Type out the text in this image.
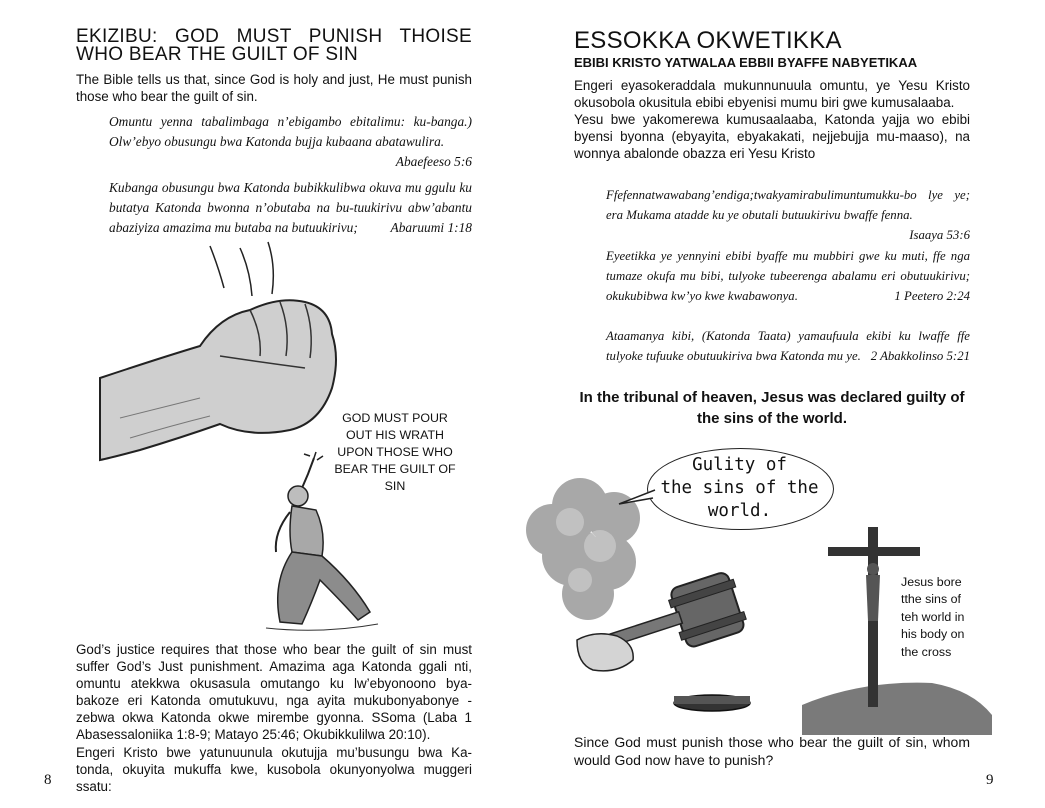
EKIZIBU: GOD MUST PUNISH THOISE
WHO BEAR THE GUILT OF SIN

The Bible tells us that, since God is holy and just, He must punish those who bear the guilt of sin.

Omuntu yenna tabalimbaga n’ebigambo ebitalimu: ku-banga.) Olw’ebyo obusungu bwa Katonda bujja kubaana abatawulira.
Abaefeeso 5:6
Kubanga obusungu bwa Katonda bubikkulibwa okuva mu ggulu ku butatya Katonda bwonna n’obutaba na bu-tuukirivu abw’abantu abaziyiza amazima mu butaba na butuukirivu; Abaruumi 1:18
GOD MUST POUR OUT HIS WRATH UPON THOSE WHO BEAR THE GUILT OF SIN

God’s justice requires that those who bear the guilt of sin must suffer God’s Just punishment. Amazima aga Katonda ggali nti, omuntu atekkwa okusasula omutango ku lw’ebyonoono bya-bakoze eri Katonda omutukuvu, nga ayita mukubonyabonye -zebwa okwa Katonda okwe mirembe gyonna. SSoma (Laba 1 Abasessaloniika 1:8-9; Matayo 25:46; Okubikkulilwa 20:10).

Engeri Kristo bwe yatunuunula okutujja mu’busungu bwa Ka-tonda, okuyita mukuffa kwe, kusobola okunyonyolwa muggeri ssatu:

8
ESSOKKA OKWETIKKA
EBIBI KRISTO YATWALAA EBBII BYAFFE NABYETIKAA
Engeri eyasokeraddala mukunnunuula omuntu, ye Yesu Kristo okusobola okusitula ebibi ebyenisi mumu biri gwe kumusalaaba.
Yesu bwe yakomerewa kumusaalaaba, Katonda yajja wo ebibi byensi byonna (ebyayita, ebyakakati, nejjebujja mu-maaso), na wonnya abalonde obazza eri Yesu Kristo
Ffefennatwawabang’endiga;twakyamirabulimuntumukku-bo lye ye; era Mukama atadde ku ye obutali butuukirivu bwaffe fenna.
Isaaya 53:6
Eyeetikka ye yennyini ebibi byaffe mu mubbiri gwe ku muti, ffe nga tumaze okufa mu bibi, tulyoke tubeerenga abalamu eri obutuukirivu; okukubibwa kw’yo kwe kwabawonya.	1 Peetero 2:24
Ataamanya kibi, (Katonda Taata) yamaufuula ekibi ku lwaffe ffe tulyoke tufuuke obutuukiriva bwa Katonda mu ye. 2 Abakkolinso 5:21
In the tribunal of heaven, Jesus was declared guilty of the sins of the world.
Gulity of
the sins of the
world.
Jesus bore tthe sins of teh world in his body on the cross

Since God must punish those who bear the guilt of sin, whom would God now have to punish?

9
